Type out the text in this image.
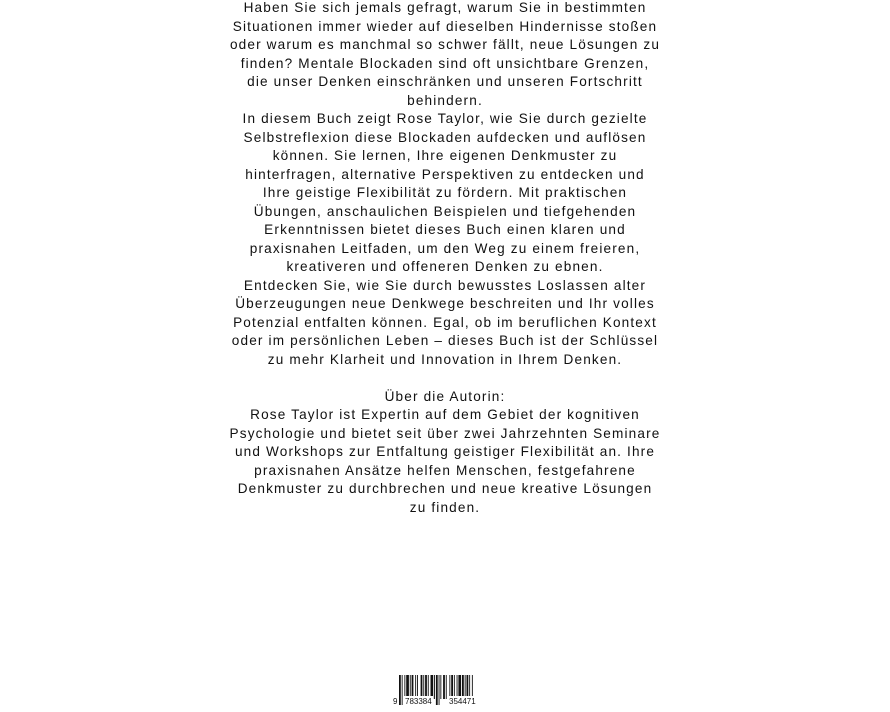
Haben Sie sich jemals gefragt, warum Sie in bestimmten
Situationen immer wieder auf dieselben Hindernisse stoßen
oder warum es manchmal so schwer fällt, neue Lösungen zu
finden? Mentale Blockaden sind oft unsichtbare Grenzen,
die unser Denken einschränken und unseren Fortschritt
behindern.

In diesem Buch zeigt Rose Taylor, wie Sie durch gezielte
Selbstreflexion diese Blockaden aufdecken und auflösen
können. Sie lernen, Ihre eigenen Denkmuster zu
hinterfragen, alternative Perspektiven zu entdecken und
Ihre geistige Flexibilität zu fördern. Mit praktischen
Übungen, anschaulichen Beispielen und tiefgehenden
Erkenntnissen bietet dieses Buch einen klaren und
praxisnahen Leitfaden, um den Weg zu einem freieren,
kreativeren und offeneren Denken zu ebnen.

Entdecken Sie, wie Sie durch bewusstes Loslassen alter
Überzeugungen neue Denkwege beschreiten und Ihr volles
Potenzial entfalten können. Egal, ob im beruflichen Kontext
oder im persönlichen Leben – dieses Buch ist der Schlüssel
zu mehr Klarheit und Innovation in Ihrem Denken.

Über die Autorin:

Rose Taylor ist Expertin auf dem Gebiet der kognitiven
Psychologie und bietet seit über zwei Jahrzehnten Seminare
und Workshops zur Entfaltung geistiger Flexibilität an. Ihre
praxisnahen Ansätze helfen Menschen, festgefahrene
Denkmuster zu durchbrechen und neue kreative Lösungen
zu finden.

9 783384 354471
